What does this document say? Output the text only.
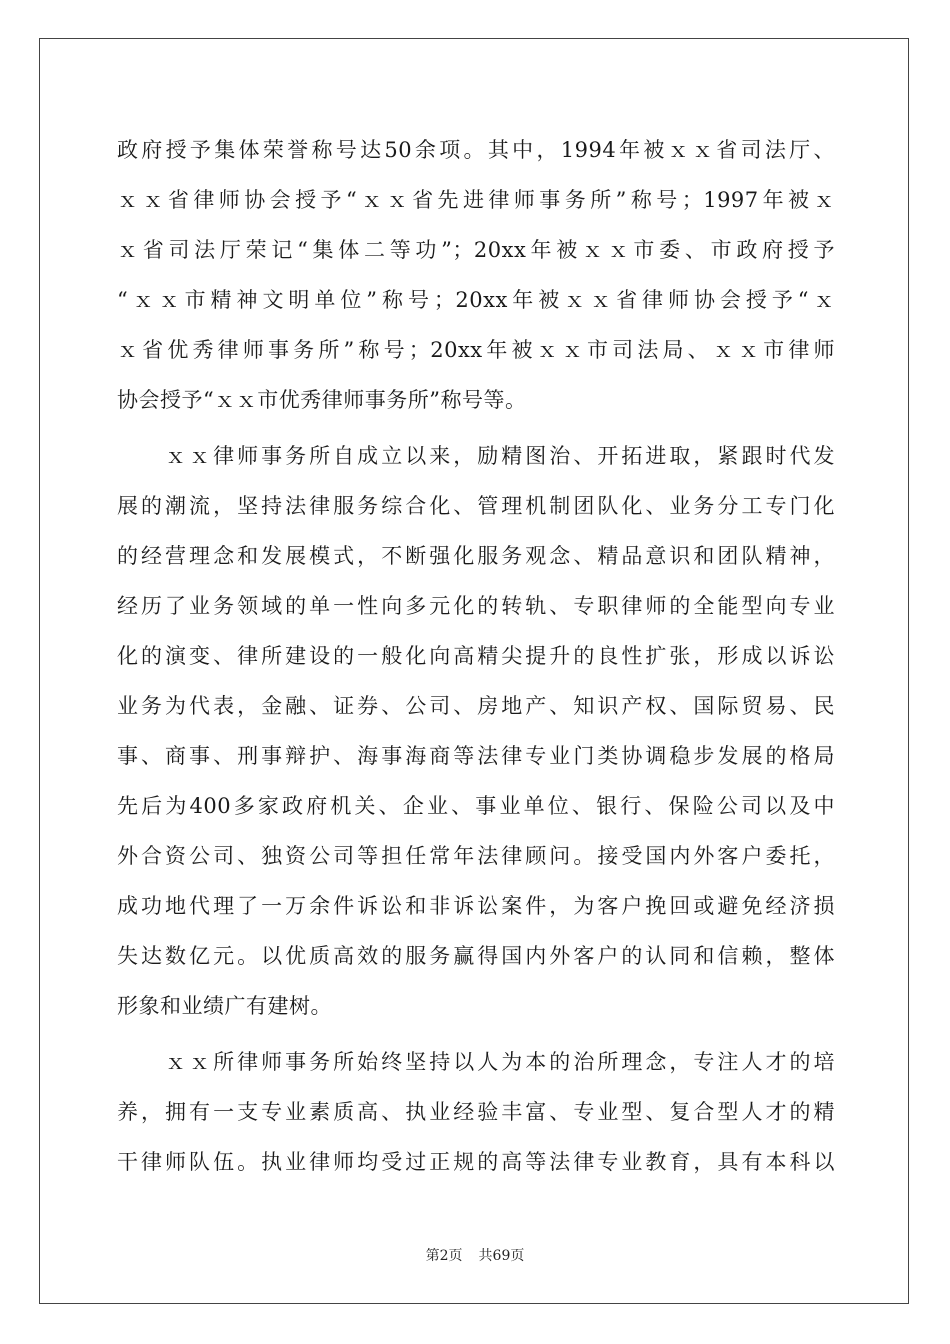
政府授予集体荣誉称号达50余项。其中，1994年被ｘｘ省司法厅、
ｘｘ省律师协会授予“ｘｘ省先进律师事务所”称号；1997年被ｘ
ｘ省司法厅荣记“集体二等功”；20xx年被ｘｘ市委、市政府授予
“ｘｘ市精神文明单位”称号；20xx年被ｘｘ省律师协会授予“ｘ
ｘ省优秀律师事务所”称号；20xx年被ｘｘ市司法局、ｘｘ市律师
协会授予“ｘｘ市优秀律师事务所”称号等。
　　ｘｘ律师事务所自成立以来，励精图治、开拓进取，紧跟时代发
展的潮流，坚持法律服务综合化、管理机制团队化、业务分工专门化
的经营理念和发展模式，不断强化服务观念、精品意识和团队精神，
经历了业务领域的单一性向多元化的转轨、专职律师的全能型向专业
化的演变、律所建设的一般化向高精尖提升的良性扩张，形成以诉讼
业务为代表，金融、证券、公司、房地产、知识产权、国际贸易、民
事、商事、刑事辩护、海事海商等法律专业门类协调稳步发展的格局
先后为400多家政府机关、企业、事业单位、银行、保险公司以及中
外合资公司、独资公司等担任常年法律顾问。接受国内外客户委托，
成功地代理了一万余件诉讼和非诉讼案件，为客户挽回或避免经济损
失达数亿元。以优质高效的服务赢得国内外客户的认同和信赖，整体
形象和业绩广有建树。
　　ｘｘ所律师事务所始终坚持以人为本的治所理念，专注人才的培
养，拥有一支专业素质高、执业经验丰富、专业型、复合型人才的精
干律师队伍。执业律师均受过正规的高等法律专业教育，具有本科以
第2页 共69页
